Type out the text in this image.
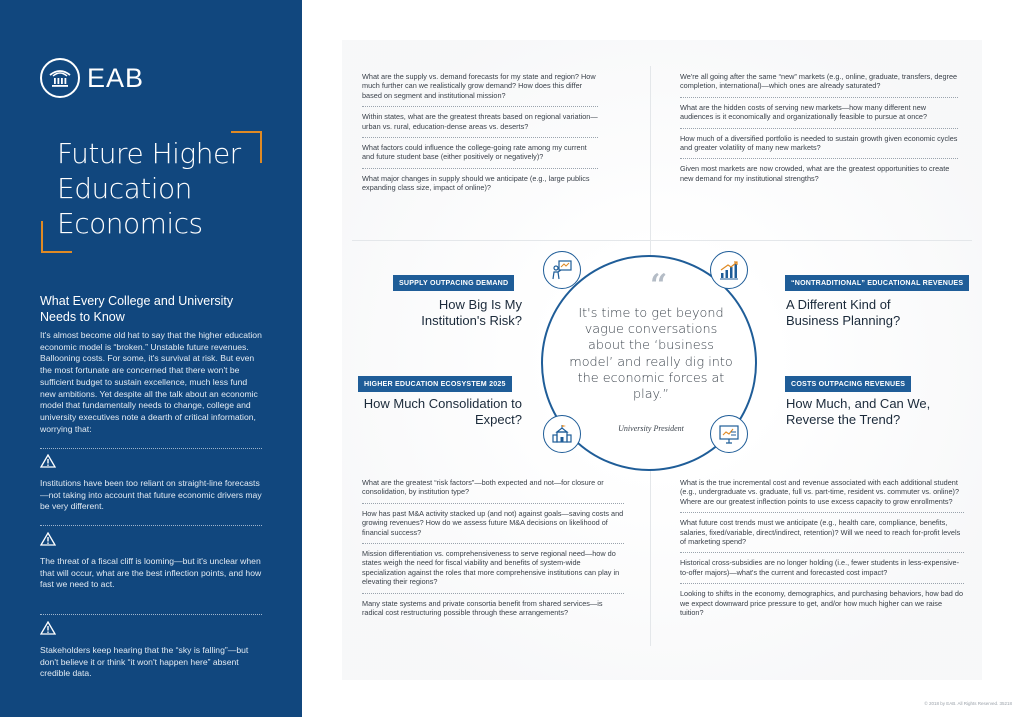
EAB
Future Higher
Education
Economics
What Every College and University Needs to Know
It's almost become old hat to say that the higher education economic model is “broken.” Unstable future revenues. Ballooning costs. For some, it's survival at risk. But even the most fortunate are concerned that there won't be sufficient budget to sustain excellence, much less fund new ambitions. Yet despite all the talk about an economic model that fundamentally needs to change, college and university executives note a dearth of critical information, worrying that:
Institutions have been too reliant on straight-line forecasts—not taking into account that future economic drivers may be very different.
The threat of a fiscal cliff is looming—but it's unclear when that will occur, what are the best inflection points, and how fast we need to act.
Stakeholders keep hearing that the “sky is falling”—but don't believe it or think “it won't happen here” absent credible data.
What are the supply vs. demand forecasts for my state and region? How much further can we realistically grow demand? How does this differ based on segment and institutional mission?
Within states, what are the greatest threats based on regional variation—urban vs. rural, education-dense areas vs. deserts?
What factors could influence the college-going rate among my current and future student base (either positively or negatively)?
What major changes in supply should we anticipate (e.g., large publics expanding class size, impact of online)?
We're all going after the same “new” markets (e.g., online, graduate, transfers, degree completion, international)—which ones are already saturated?
What are the hidden costs of serving new markets—how many different new audiences is it economically and organizationally feasible to pursue at once?
How much of a diversified portfolio is needed to sustain growth given economic cycles and greater volatility of many new markets?
Given most markets are now crowded, what are the greatest opportunities to create new demand for my institutional strengths?
What are the greatest “risk factors”—both expected and not—for closure or consolidation, by institution type?
How has past M&A activity stacked up (and not) against goals—saving costs and growing revenues? How do we assess future M&A decisions on likelihood of financial success?
Mission differentiation vs. comprehensiveness to serve regional need—how do states weigh the need for fiscal viability and benefits of system-wide specialization against the roles that more comprehensive institutions can play in elevating their regions?
Many state systems and private consortia benefit from shared services—is radical cost restructuring possible through these arrangements?
What is the true incremental cost and revenue associated with each additional student (e.g., undergraduate vs. graduate, full vs. part-time, resident vs. commuter vs. online)? Where are our greatest inflection points to use excess capacity to grow enrollments?
What future cost trends must we anticipate (e.g., health care, compliance, benefits, salaries, fixed/variable, direct/indirect, retention)? Will we need to reach for-profit levels of marketing spend?
Historical cross-subsidies are no longer holding (i.e., fewer students in less-expensive-to-offer majors)—what's the current and forecasted cost impact?
Looking to shifts in the economy, demographics, and purchasing behaviors, how bad do we expect downward price pressure to get, and/or how much higher can we raise tuition?
“
It's time to get beyond vague conversations about the ‘business model’ and really dig into the economic forces at play.”
University President
SUPPLY OUTPACING DEMAND
How Big Is My Institution's Risk?
“NONTRADITIONAL” EDUCATIONAL REVENUES
A Different Kind of Business Planning?
HIGHER EDUCATION ECOSYSTEM 2025
How Much Consolidation to Expect?
COSTS OUTPACING REVENUES
How Much, and Can We, Reverse the Trend?
© 2018 by EAB. All Rights Reserved. 35218
